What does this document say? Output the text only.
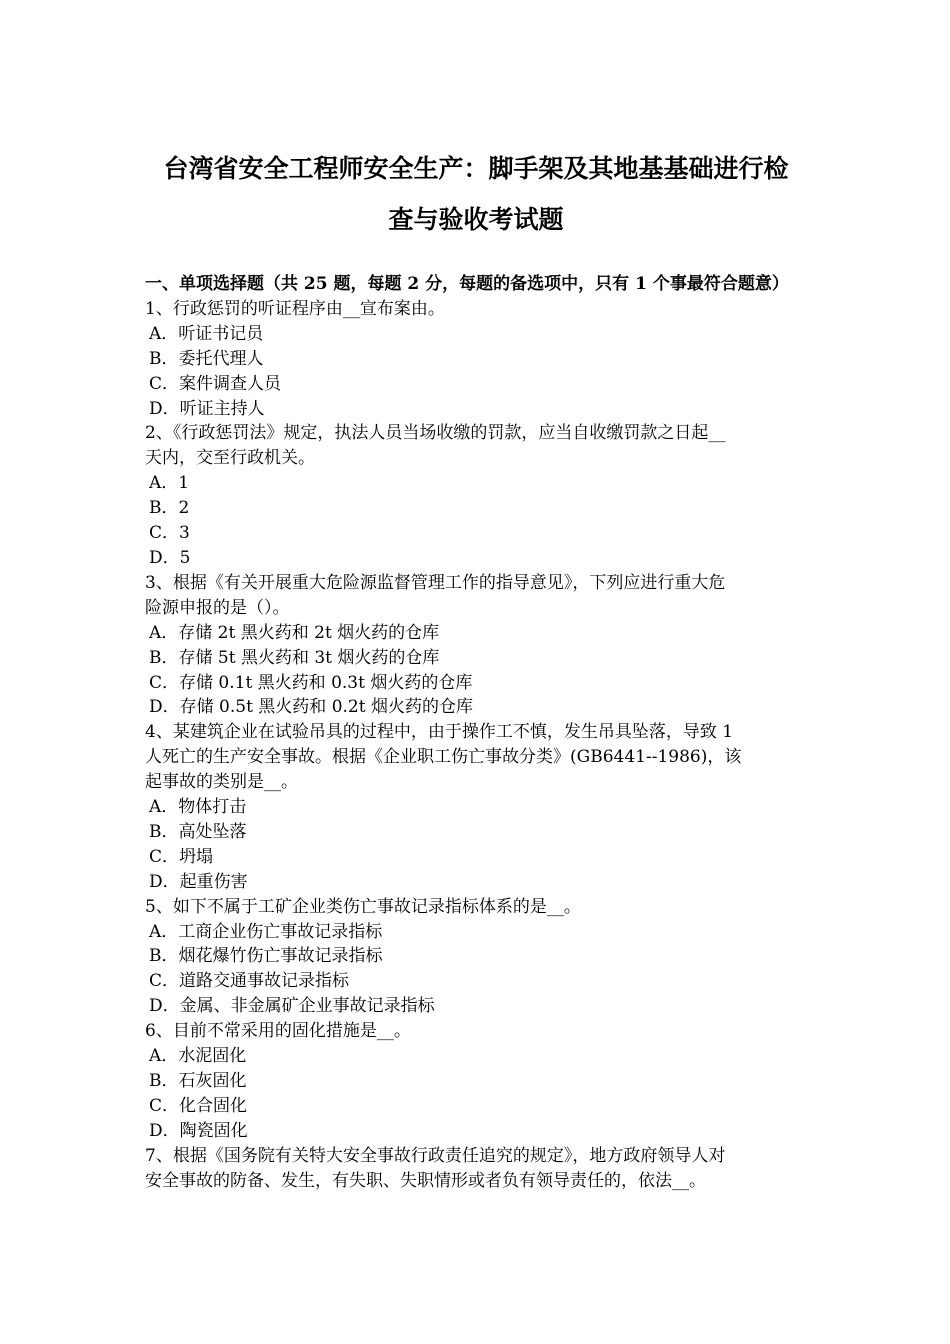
台湾省安全工程师安全生产：脚手架及其地基基础进行检
查与验收考试题

一、单项选择题（共 25 题，每题 2 分，每题的备选项中，只有 1 个事最符合题意）

1、行政惩罚的听证程序由__宣布案由。

A．听证书记员

B．委托代理人

C．案件调查人员

D．听证主持人

2、《行政惩罚法》规定，执法人员当场收缴的罚款，应当自收缴罚款之日起__

天内，交至行政机关。

A．1

B．2

C．3

D．5

3、根据《有关开展重大危险源监督管理工作的指导意见》，下列应进行重大危

险源申报的是（）。

A．存储 2t 黑火药和 2t 烟火药的仓库

B．存储 5t 黑火药和 3t 烟火药的仓库

C．存储 0.1t 黑火药和 0.3t 烟火药的仓库

D．存储 0.5t 黑火药和 0.2t 烟火药的仓库

4、某建筑企业在试验吊具的过程中，由于操作工不慎，发生吊具坠落，导致 1

人死亡的生产安全事故。根据《企业职工伤亡事故分类》(GB6441--1986)，该

起事故的类别是__。

A．物体打击

B．高处坠落

C．坍塌

D．起重伤害

5、如下不属于工矿企业类伤亡事故记录指标体系的是__。

A．工商企业伤亡事故记录指标

B．烟花爆竹伤亡事故记录指标

C．道路交通事故记录指标

D．金属、非金属矿企业事故记录指标

6、目前不常采用的固化措施是__。

A．水泥固化

B．石灰固化

C．化合固化

D．陶瓷固化

7、根据《国务院有关特大安全事故行政责任追究的规定》，地方政府领导人对

安全事故的防备、发生，有失职、失职情形或者负有领导责任的，依法__。
